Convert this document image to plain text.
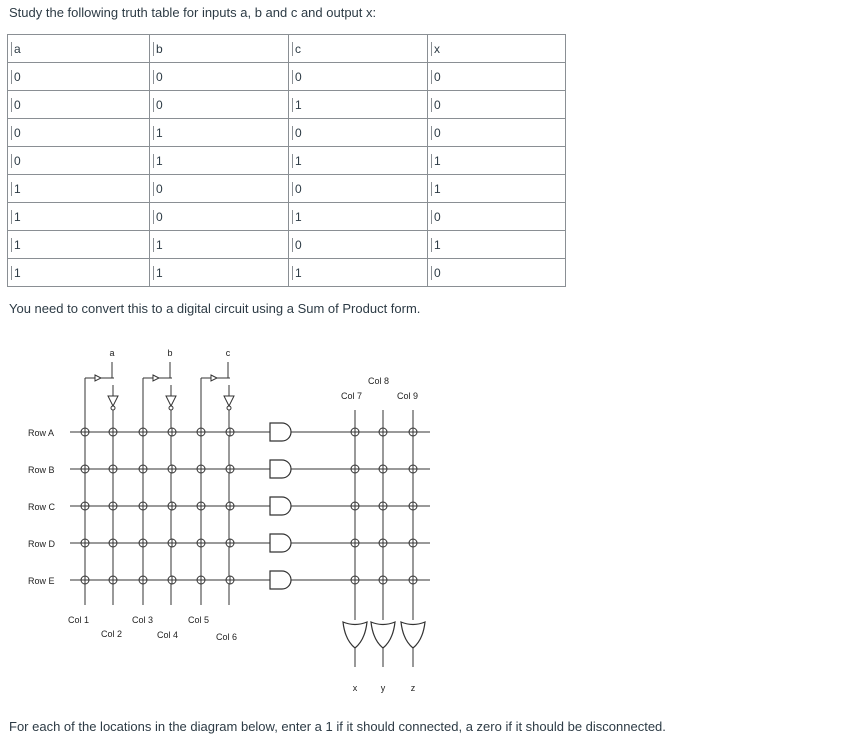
Study the following truth table for inputs a, b and c and output x:
a	b	c	x
0	0	0	0
0	0	1	0
0	1	0	0
0	1	1	1
1	0	0	1
1	0	1	0
1	1	0	1
1	1	1	0
You need to convert this to a digital circuit using a Sum of Product form.
a	b	c
Row A
Row B
Row C
Row D
Row E
x	y	z
Col 1
Col 2
Col 3
Col 4
Col 5
Col 6
Col 7
Col 8
Col 9
For each of the locations in the diagram below, enter a 1 if it should connected, a zero if it should be disconnected.
